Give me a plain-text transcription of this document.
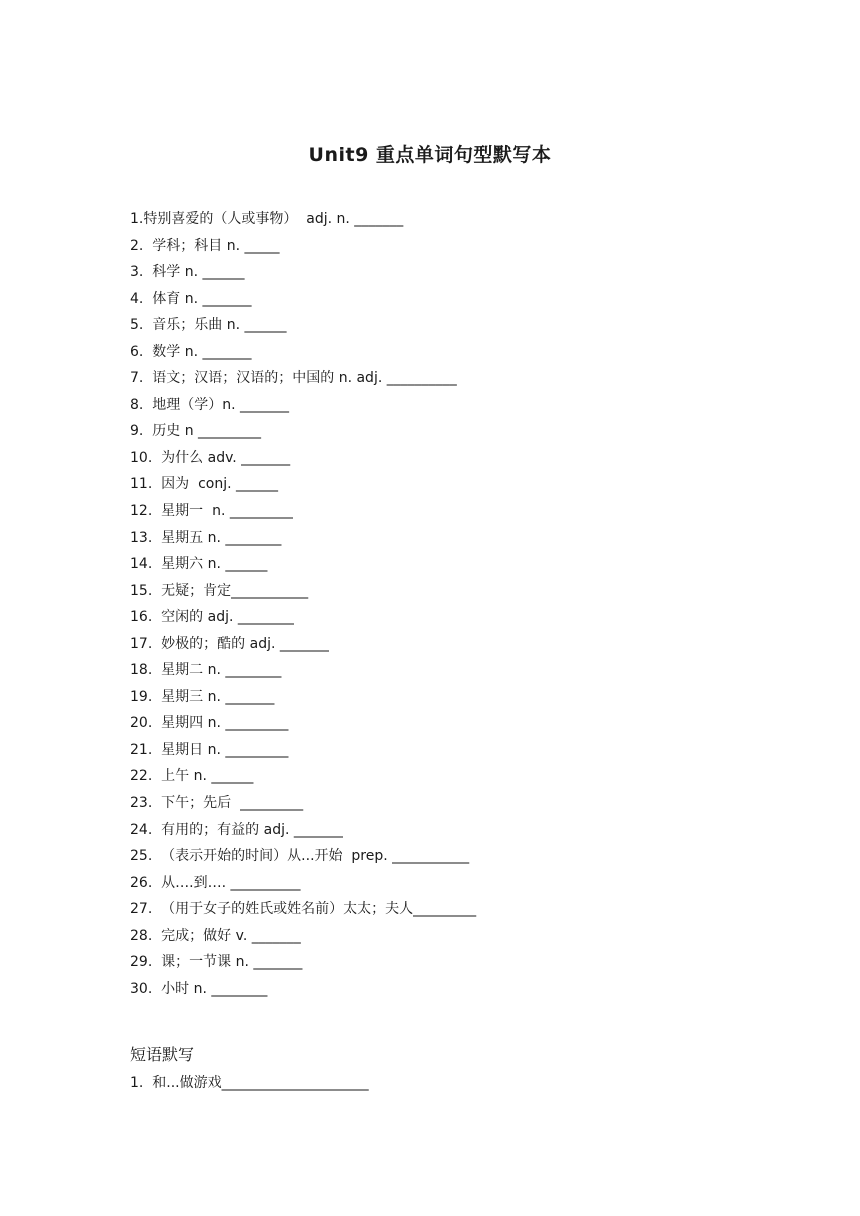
Unit9 重点单词句型默写本
1.特别喜爱的（人或事物）  adj. n. _______
2.  学科；科目 n. _____
3.  科学 n. ______
4.  体育 n. _______
5.  音乐；乐曲 n. ______
6.  数学 n. _______
7.  语文；汉语；汉语的；中国的 n. adj. __________
8.  地理（学）n. _______
9.  历史 n _________
10.  为什么 adv. _______
11.  因为  conj. ______
12.  星期一  n. _________
13.  星期五 n. ________
14.  星期六 n. ______
15.  无疑；肯定___________
16.  空闲的 adj. ________
17.  妙极的；酷的 adj. _______
18.  星期二 n. ________
19.  星期三 n. _______
20.  星期四 n. _________
21.  星期日 n. _________
22.  上午 n. ______
23.  下午；先后  _________
24.  有用的；有益的 adj. _______
25.  （表示开始的时间）从...开始  prep. ___________
26.  从….到…. __________
27.  （用于女子的姓氏或姓名前）太太；夫人_________
28.  完成；做好 v. _______
29.  课；一节课 n. _______
30.  小时 n. ________
短语默写
1.  和...做游戏_____________________
